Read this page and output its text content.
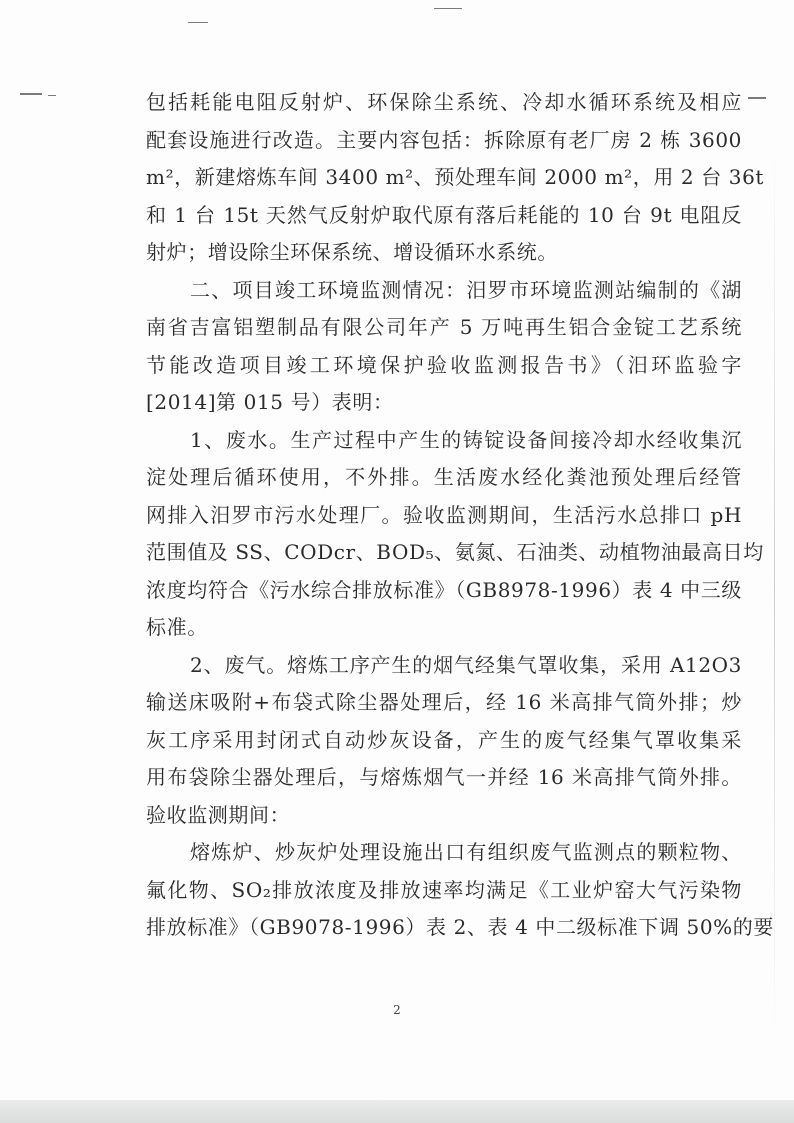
包括耗能电阻反射炉、环保除尘系统、冷却水循环系统及相应
配套设施进行改造。主要内容包括：拆除原有老厂房 2 栋 3600
m²，新建熔炼车间 3400 m²、预处理车间 2000 m²，用 2 台 36t
和 1 台 15t 天然气反射炉取代原有落后耗能的 10 台 9t 电阻反
射炉；增设除尘环保系统、增设循环水系统。
二、项目竣工环境监测情况：汨罗市环境监测站编制的《湖
南省吉富铝塑制品有限公司年产 5 万吨再生铝合金锭工艺系统
节能改造项目竣工环境保护验收监测报告书》（汨环监验字
[2014]第 015 号）表明：
1、废水。生产过程中产生的铸锭设备间接冷却水经收集沉
淀处理后循环使用，不外排。生活废水经化粪池预处理后经管
网排入汨罗市污水处理厂。验收监测期间，生活污水总排口 pH
范围值及 SS、CODcr、BOD₅、氨氮、石油类、动植物油最高日均
浓度均符合《污水综合排放标准》（GB8978-1996）表 4 中三级
标准。
2、废气。熔炼工序产生的烟气经集气罩收集，采用 A12O3
输送床吸附+布袋式除尘器处理后，经 16 米高排气筒外排；炒
灰工序采用封闭式自动炒灰设备，产生的废气经集气罩收集采
用布袋除尘器处理后，与熔炼烟气一并经 16 米高排气筒外排。
验收监测期间：
熔炼炉、炒灰炉处理设施出口有组织废气监测点的颗粒物、
氟化物、SO₂排放浓度及排放速率均满足《工业炉窑大气污染物
排放标准》（GB9078-1996）表 2、表 4 中二级标准下调 50%的要
2
